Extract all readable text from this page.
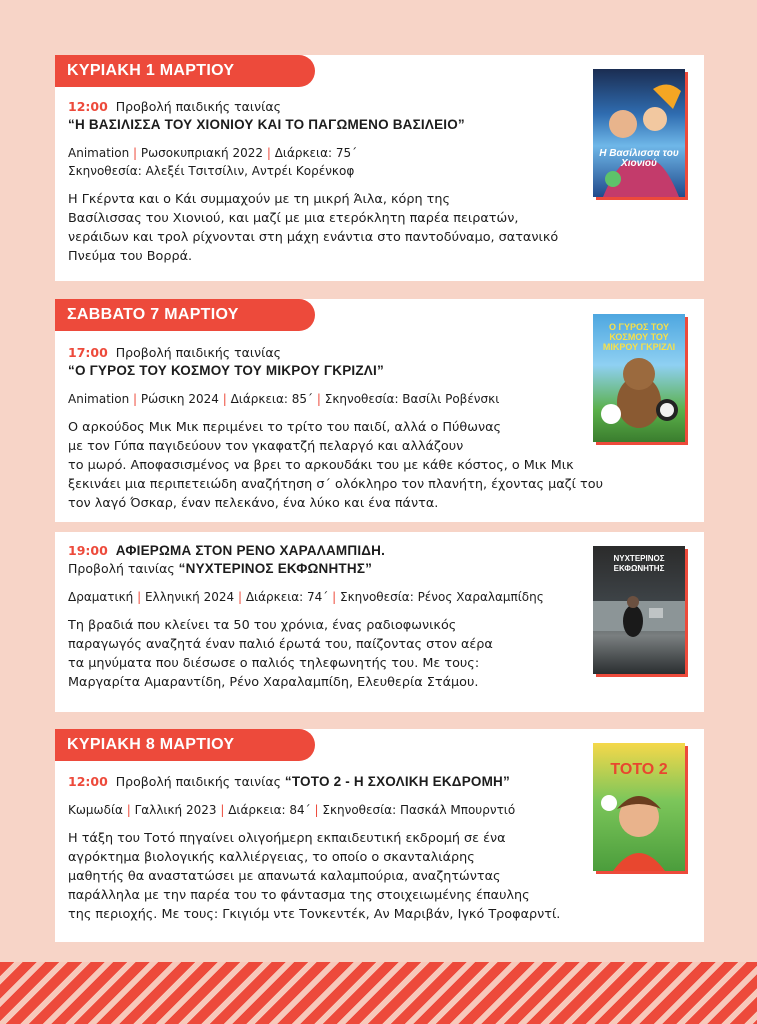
ΚΥΡΙΑΚΗ 1 ΜΑΡΤΙΟΥ
12:00 Προβολή παιδικής ταινίας
“Η ΒΑΣΙΛΙΣΣΑ ΤΟΥ ΧΙΟΝΙΟΥ ΚΑΙ ΤΟ ΠΑΓΩΜΕΝΟ ΒΑΣΙΛΕΙΟ”
Animation | Ρωσοκυπριακή 2022 | Διάρκεια: 75΄
Σκηνοθεσία: Αλεξέι Τσιτσίλιν, Αντρέι Κορένκοφ
Η Γκέρντα και ο Κάι συμμαχούν με τη μικρή Άιλα, κόρη της
Βασίλισσας του Χιονιού, και μαζί με μια ετερόκλητη παρέα πειρατών,
νεράιδων και τρολ ρίχνονται στη μάχη ενάντια στο παντοδύναμο, σατανικό
Πνεύμα του Βορρά.
Η Βασίλισσα του Χιονιού
ΣΑΒΒΑΤΟ 7 ΜΑΡΤΙΟΥ
17:00 Προβολή παιδικής ταινίας
“Ο ΓΥΡΟΣ ΤΟΥ ΚΟΣΜΟΥ ΤΟΥ ΜΙΚΡΟΥ ΓΚΡΙΖΛΙ”
Animation | Ρώσικη 2024 | Διάρκεια: 85΄ | Σκηνοθεσία: Βασίλι Ροβένσκι
Ο αρκούδος Μικ Μικ περιμένει το τρίτο του παιδί, αλλά ο Πύθωνας
με τον Γύπα παγιδεύουν τον γκαφατζή πελαργό και αλλάζουν
το μωρό. Αποφασισμένος να βρει το αρκουδάκι του με κάθε κόστος, ο Μικ Μικ
ξεκινάει μια περιπετειώδη αναζήτηση σ΄ ολόκληρο τον πλανήτη, έχοντας μαζί του
τον λαγό Όσκαρ, έναν πελεκάνο, ένα λύκο και ένα πάντα.
Ο ΓΥΡΟΣ ΤΟΥ ΚΟΣΜΟΥ ΤΟΥ ΜΙΚΡΟΥ ΓΚΡΙΖΛΙ
19:00 ΑΦΙΕΡΩΜΑ ΣΤΟΝ ΡΕΝΟ ΧΑΡΑΛΑΜΠΙΔΗ.
Προβολή ταινίας “ΝΥΧΤΕΡΙΝΟΣ ΕΚΦΩΝΗΤΗΣ”
Δραματική | Ελληνική 2024 | Διάρκεια: 74΄ | Σκηνοθεσία: Ρένος Χαραλαμπίδης
Τη βραδιά που κλείνει τα 50 του χρόνια, ένας ραδιοφωνικός
παραγωγός αναζητά έναν παλιό έρωτά του, παίζοντας στον αέρα
τα μηνύματα που διέσωσε ο παλιός τηλεφωνητής του. Με τους:
Μαργαρίτα Αμαραντίδη, Ρένο Χαραλαμπίδη, Ελευθερία Στάμου.
ΝΥΧΤΕΡΙΝΟΣ ΕΚΦΩΝΗΤΗΣ
ΚΥΡΙΑΚΗ 8 ΜΑΡΤΙΟΥ
12:00 Προβολή παιδικής ταινίας “ΤΟΤΟ 2 - Η ΣΧΟΛΙΚΗ ΕΚΔΡΟΜΗ”
Κωμωδία | Γαλλική 2023 | Διάρκεια: 84΄ | Σκηνοθεσία: Πασκάλ Μπουρντιό
Η τάξη του Τοτό πηγαίνει ολιγοήμερη εκπαιδευτική εκδρομή σε ένα
αγρόκτημα βιολογικής καλλιέργειας, το οποίο ο σκανταλιάρης
μαθητής θα αναστατώσει με απανωτά καλαμπούρια, αναζητώντας
παράλληλα με την παρέα του το φάντασμα της στοιχειωμένης έπαυλης
της περιοχής. Με τους: Γκιγιόμ ντε Τονκεντέκ, Αν Μαριβάν, Ιγκό Τροφαρντί.
ΤΟΤΟ 2
